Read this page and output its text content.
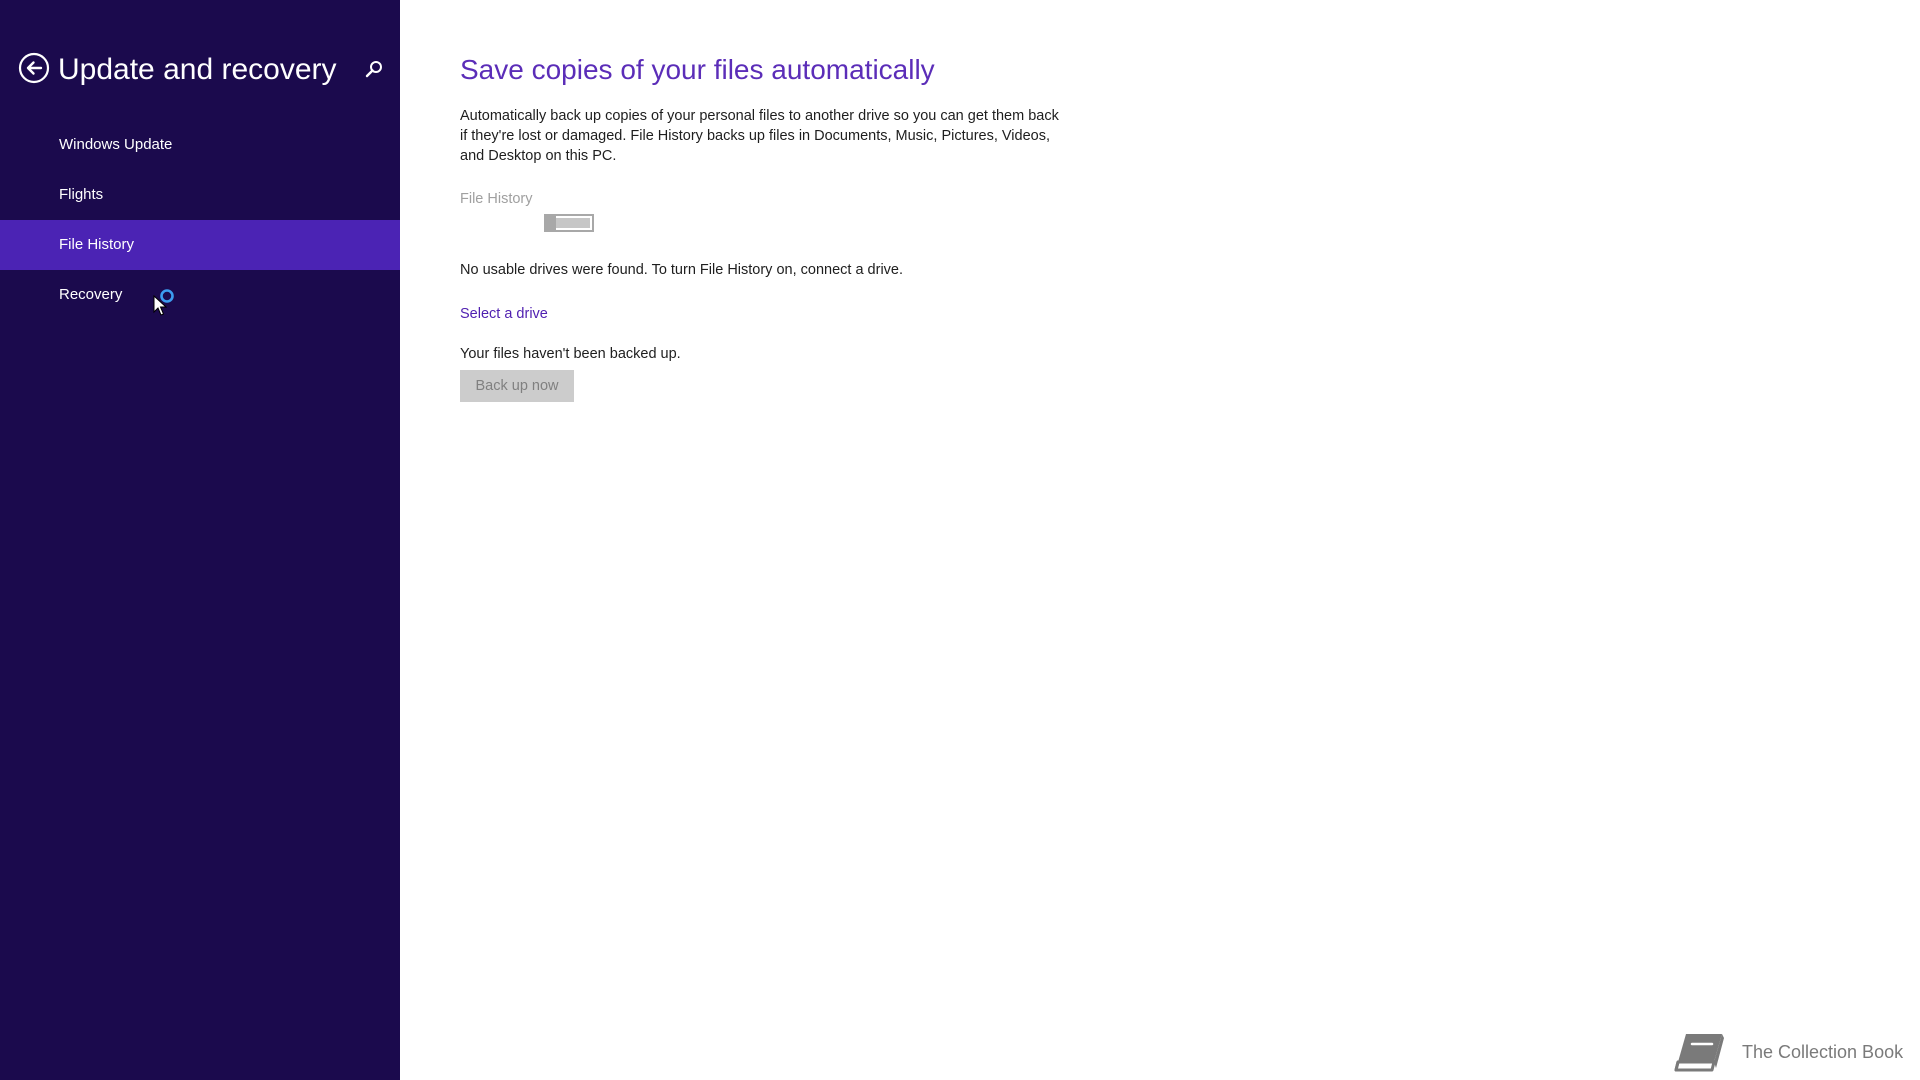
Update and recovery
Windows Update
Flights
File History
Recovery
Save copies of your files automatically

Automatically back up copies of your personal files to another drive so you can get them back if they're lost or damaged. File History backs up files in Documents, Music, Pictures, Videos, and Desktop on this PC.

File History
No usable drives were found. To turn File History on, connect a drive.
Select a drive
Your files haven't been backed up.
Back up now
The Collection Book
